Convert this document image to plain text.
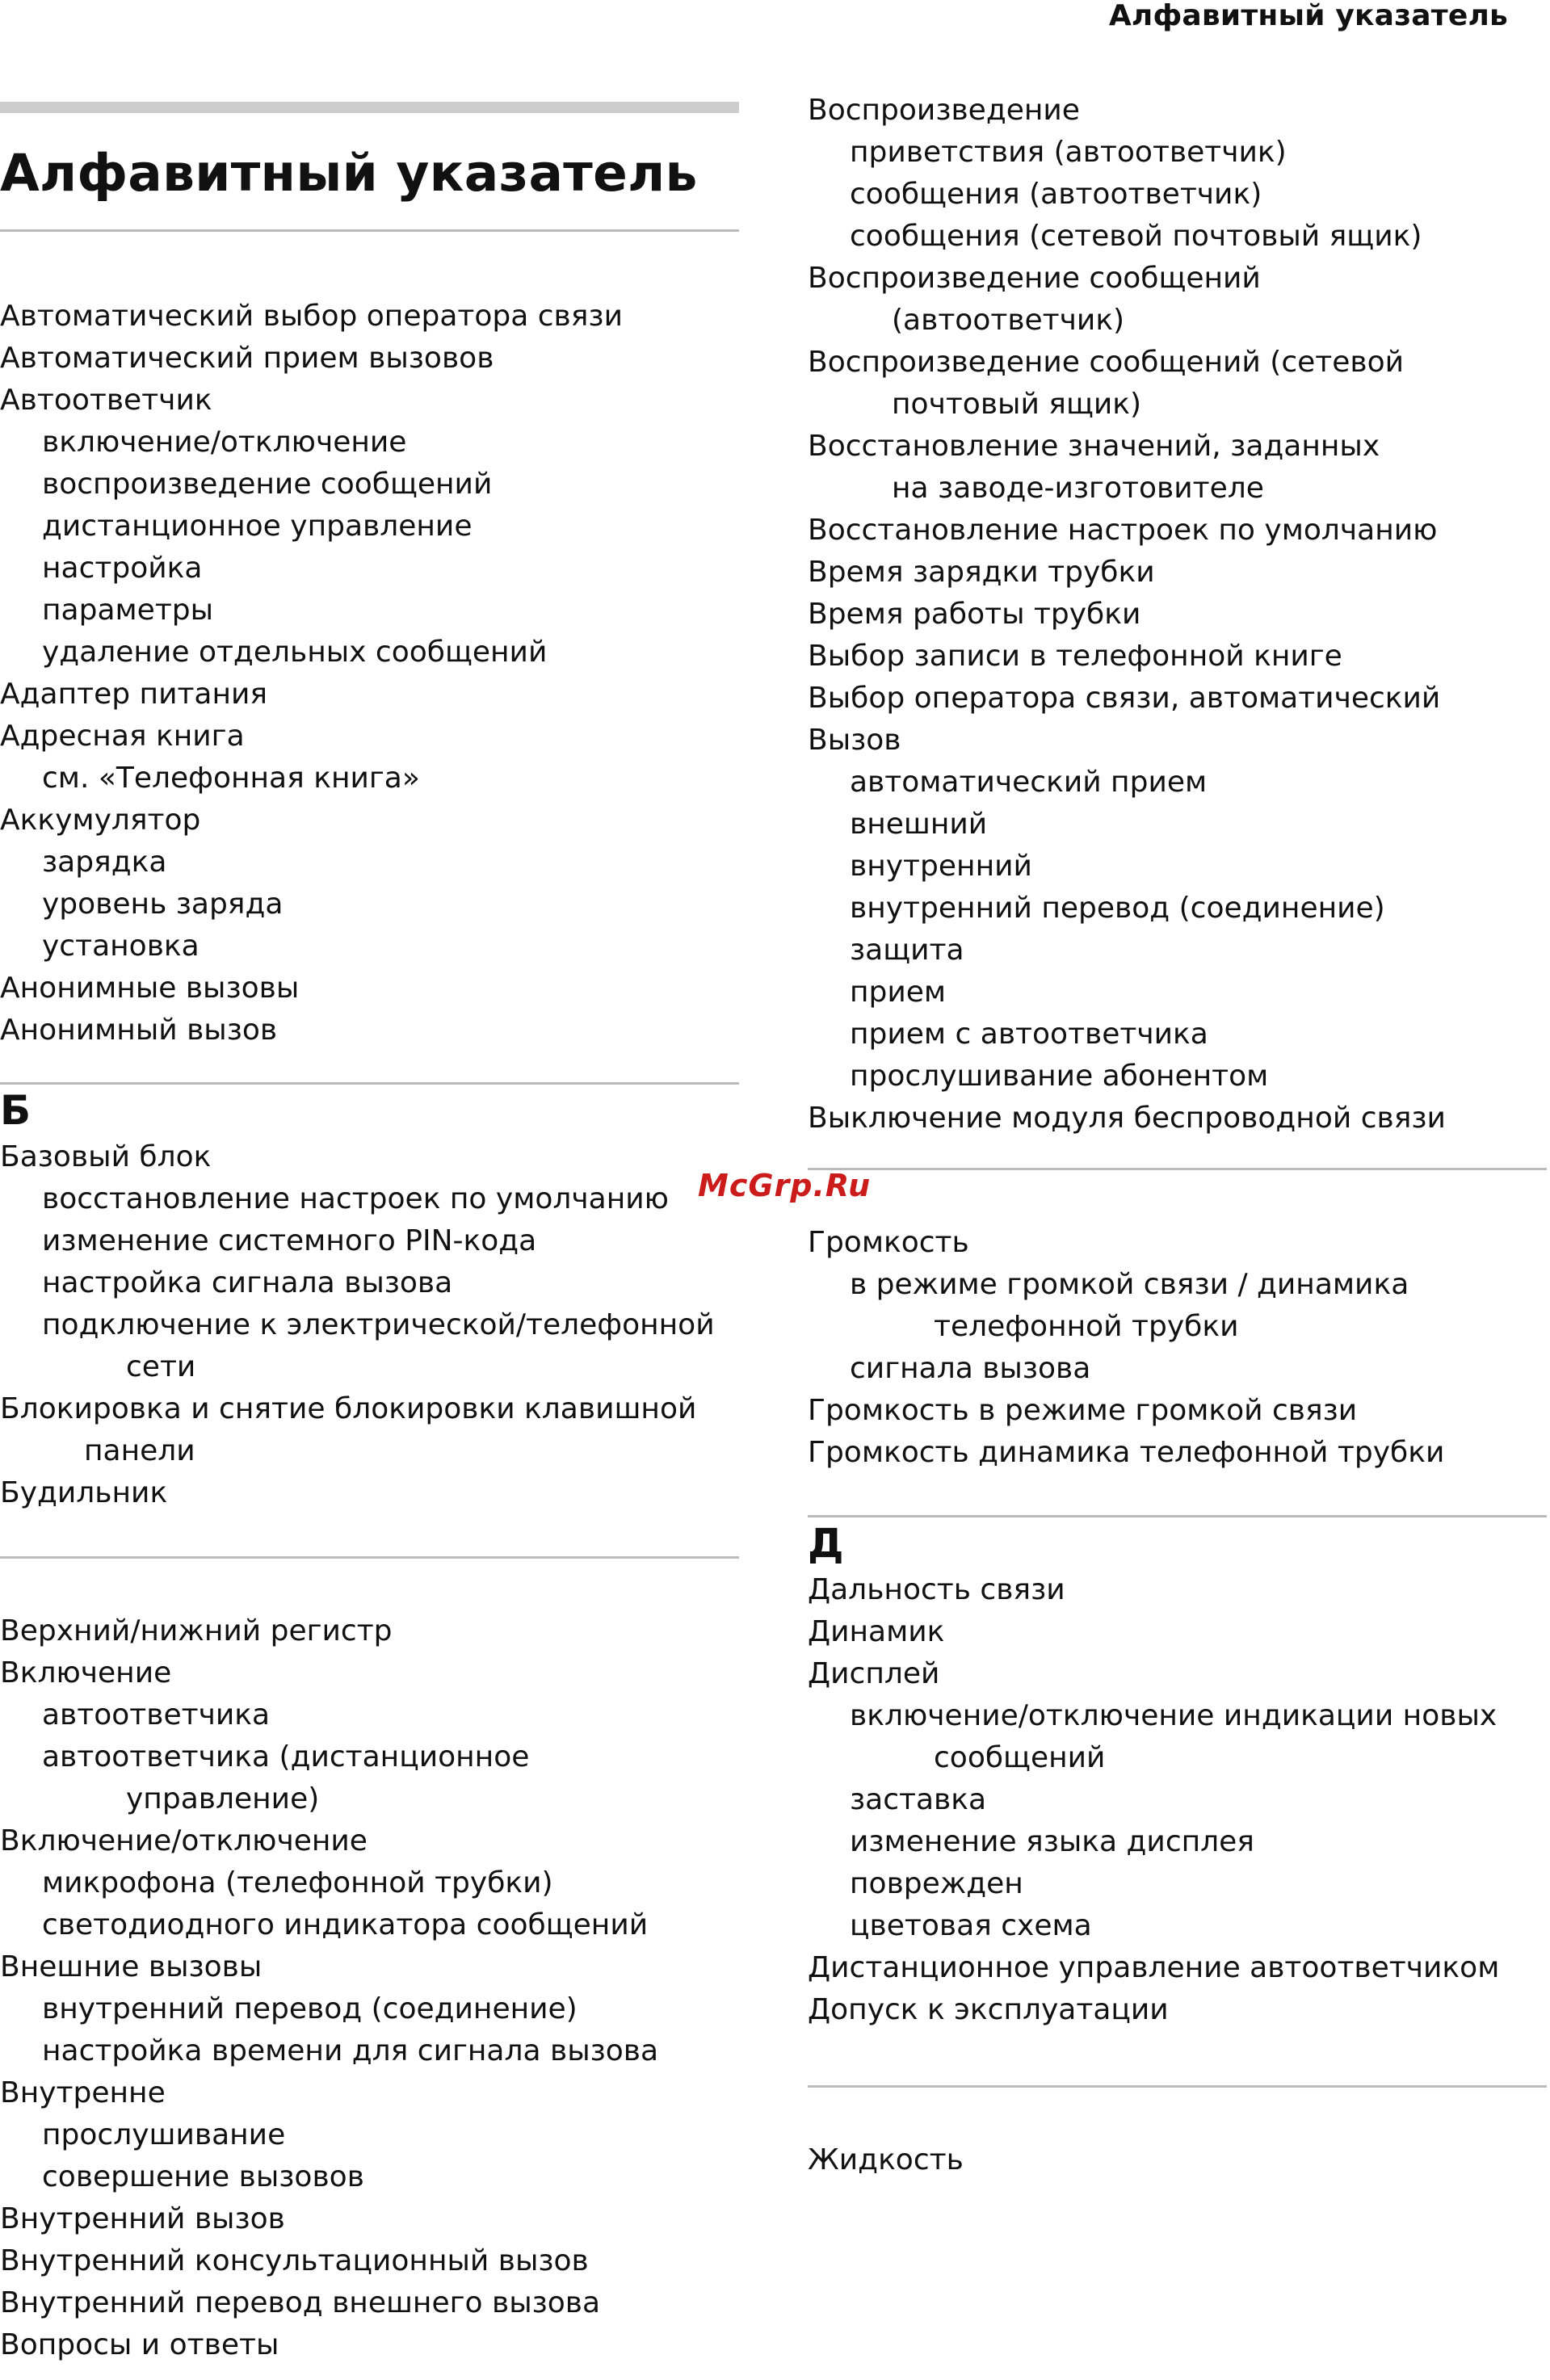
Алфавитный указатель
Алфавитный указатель
Автоматический выбор оператора связи
Автоматический прием вызовов
Автоответчик
включение/отключение
воспроизведение сообщений
дистанционное управление
настройка
параметры
удаление отдельных сообщений
Адаптер питания
Адресная книга
см. «Телефонная книга»
Аккумулятор
зарядка
уровень заряда
установка
Анонимные вызовы
Анонимный вызов
Б
Базовый блок
восстановление настроек по умолчанию
изменение системного PIN-кода
настройка сигнала вызова
подключение к электрической/телефонной
сети
Блокировка и снятие блокировки клавишной
панели
Будильник
Верхний/нижний регистр
Включение
автоответчика
автоответчика (дистанционное
управление)
Включение/отключение
микрофона (телефонной трубки)
светодиодного индикатора сообщений
Внешние вызовы
внутренний перевод (соединение)
настройка времени для сигнала вызова
Внутренне
прослушивание
совершение вызовов
Внутренний вызов
Внутренний консультационный вызов
Внутренний перевод внешнего вызова
Вопросы и ответы
Воспроизведение
приветствия (автоответчик)
сообщения (автоответчик)
сообщения (сетевой почтовый ящик)
Воспроизведение сообщений
(автоответчик)
Воспроизведение сообщений (сетевой
почтовый ящик)
Восстановление значений, заданных
на заводе-изготовителе
Восстановление настроек по умолчанию
Время зарядки трубки
Время работы трубки
Выбор записи в телефонной книге
Выбор оператора связи, автоматический
Вызов
автоматический прием
внешний
внутренний
внутренний перевод (соединение)
защита
прием
прием с автоответчика
прослушивание абонентом
Выключение модуля беспроводной связи
Громкость
в режиме громкой связи / динамика
телефонной трубки
сигнала вызова
Громкость в режиме громкой связи
Громкость динамика телефонной трубки
Д
Дальность связи
Динамик
Дисплей
включение/отключение индикации новых
сообщений
заставка
изменение языка дисплея
поврежден
цветовая схема
Дистанционное управление автоответчиком
Допуск к эксплуатации
Жидкость
McGrp.Ru
